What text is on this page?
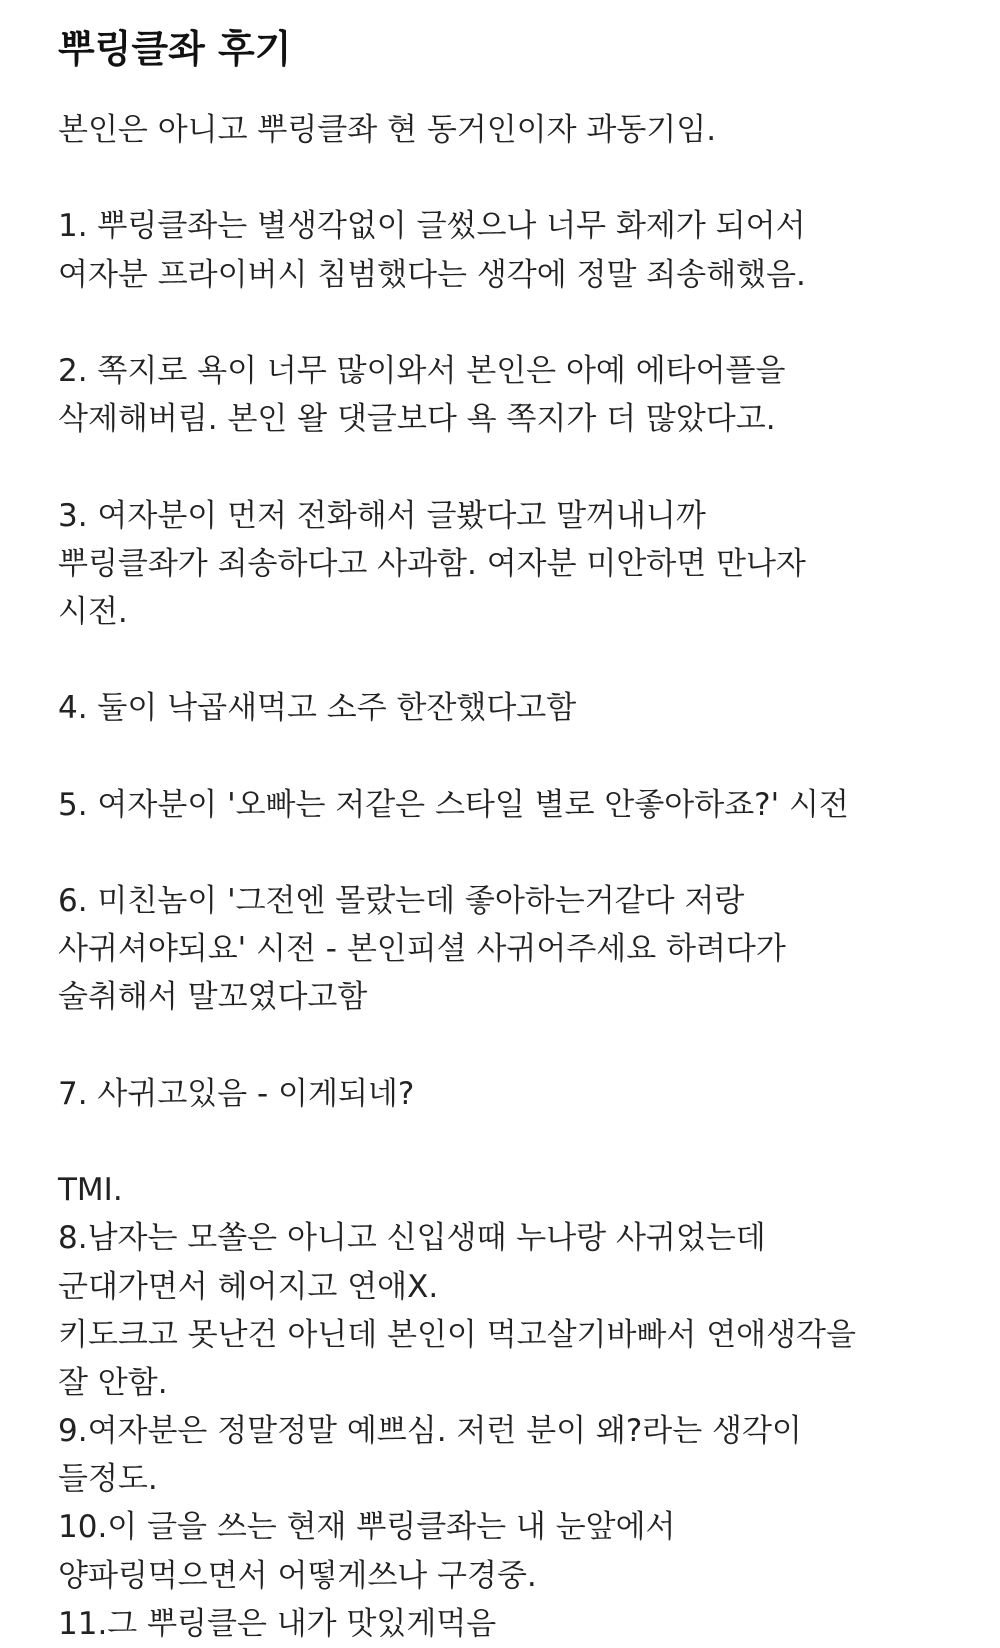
뿌링클좌 후기
본인은 아니고 뿌링클좌 현 동거인이자 과동기임.
1. 뿌링클좌는 별생각없이 글썼으나 너무 화제가 되어서
여자분 프라이버시 침범했다는 생각에 정말 죄송해했음.
2. 쪽지로 욕이 너무 많이와서 본인은 아예 에타어플을
삭제해버림. 본인 왈 댓글보다 욕 쪽지가 더 많았다고.
3. 여자분이 먼저 전화해서 글봤다고 말꺼내니까
뿌링클좌가 죄송하다고 사과함. 여자분 미안하면 만나자
시전.
4. 둘이 낙곱새먹고 소주 한잔했다고함
5. 여자분이 '오빠는 저같은 스타일 별로 안좋아하죠?' 시전
6. 미친놈이 '그전엔 몰랐는데 좋아하는거같다 저랑
사귀셔야되요' 시전 - 본인피셜 사귀어주세요 하려다가
술취해서 말꼬였다고함
7. 사귀고있음 - 이게되네?
TMI.
8.남자는 모쏠은 아니고 신입생때 누나랑 사귀었는데
군대가면서 헤어지고 연애X.
키도크고 못난건 아닌데 본인이 먹고살기바빠서 연애생각을
잘 안함.
9.여자분은 정말정말 예쁘심. 저런 분이 왜?라는 생각이
들정도.
10.이 글을 쓰는 현재 뿌링클좌는 내 눈앞에서
양파링먹으면서 어떻게쓰나 구경중.
11.그 뿌링클은 내가 맛있게먹음
